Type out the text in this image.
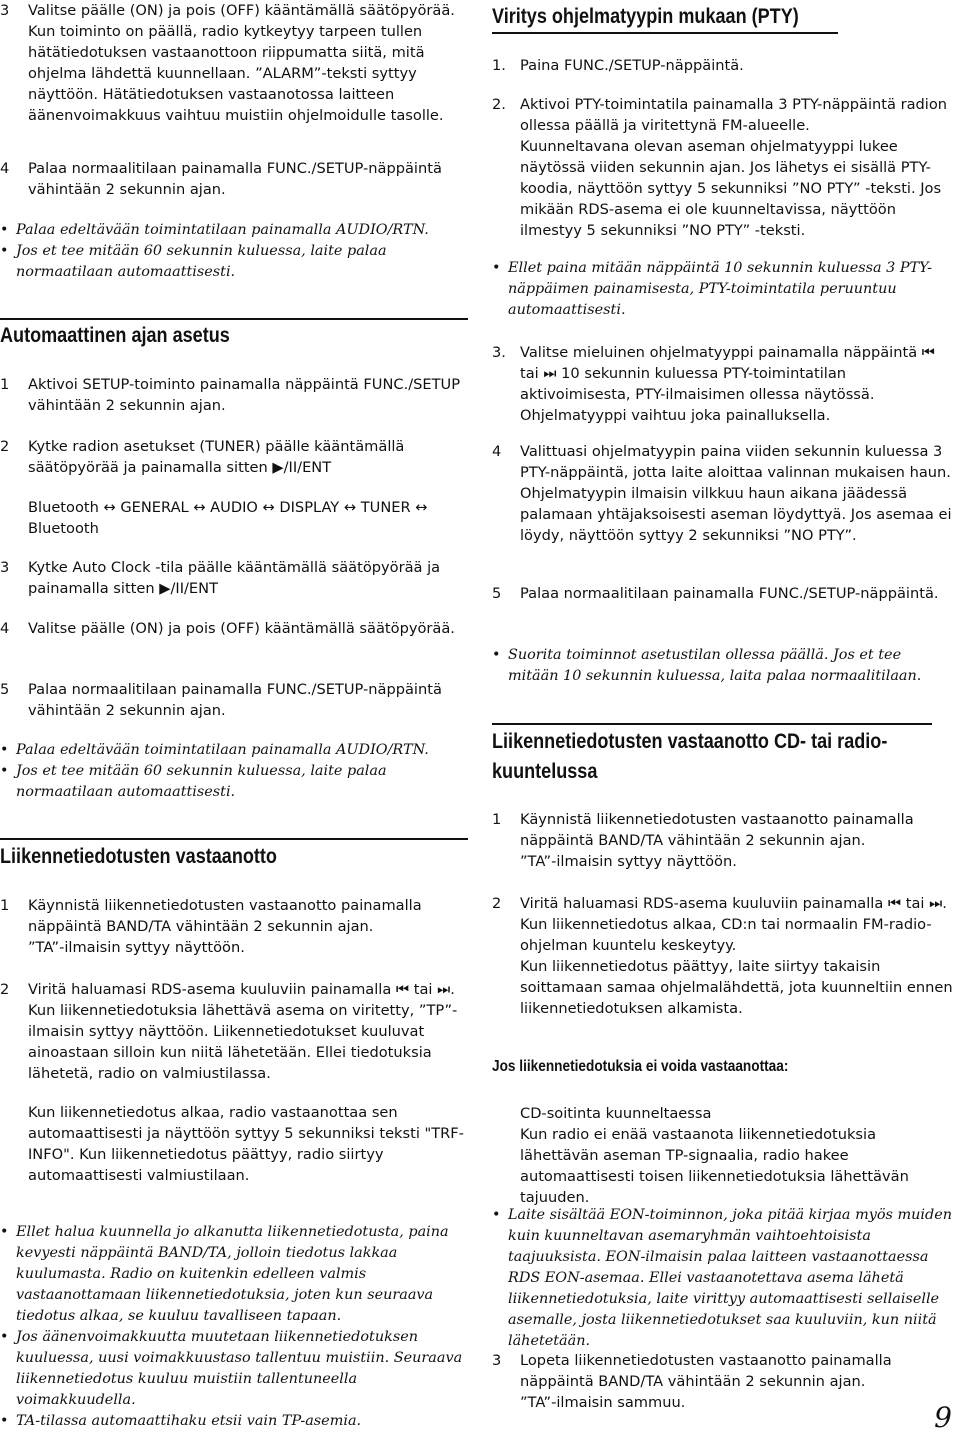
3	Valitse päälle (ON) ja pois (OFF) kääntämällä säätöpyörää.
Kun toiminto on päällä, radio kytkeytyy tarpeen tullen hätätiedotuksen vastaanottoon riippumatta siitä, mitä ohjelma lähdettä kuunnellaan. ”ALARM”-teksti syttyy näyttöön. Hätätiedotuksen vastaanotossa laitteen äänenvoimakkuus vaihtuu muistiin ohjelmoidulle tasolle.
4	Palaa normaalitilaan painamalla FUNC./SETUP-näppäintä vähintään 2 sekunnin ajan.
• Palaa edeltävään toimintatilaan painamalla AUDIO/RTN.
• Jos et tee mitään 60 sekunnin kuluessa, laite palaa normaatilaan automaattisesti.
Automaattinen ajan asetus
1	Aktivoi SETUP-toiminto painamalla näppäintä FUNC./SETUP vähintään 2 sekunnin ajan.
2	Kytke radion asetukset (TUNER) päälle kääntämällä säätöpyörää ja painamalla sitten ▶/II/ENT
Bluetooth ↔ GENERAL ↔ AUDIO ↔ DISPLAY ↔ TUNER ↔ Bluetooth
3	Kytke Auto Clock -tila päälle kääntämällä säätöpyörää ja painamalla sitten ▶/II/ENT
4	Valitse päälle (ON) ja pois (OFF) kääntämällä säätöpyörää.
5	Palaa normaalitilaan painamalla FUNC./SETUP-näppäintä vähintään 2 sekunnin ajan.
• Palaa edeltävään toimintatilaan painamalla AUDIO/RTN.
• Jos et tee mitään 60 sekunnin kuluessa, laite palaa normaatilaan automaattisesti.
Liikennetiedotusten vastaanotto
1	Käynnistä liikennetiedotusten vastaanotto painamalla näppäintä BAND/TA vähintään 2 sekunnin ajan.
”TA”-ilmaisin syttyy näyttöön.
2	Viritä haluamasi RDS-asema kuuluviin painamalla ⏮ tai ⏭.
Kun liikennetiedotuksia lähettävä asema on viritetty, ”TP”-ilmaisin syttyy näyttöön. Liikennetiedotukset kuuluvat ainoastaan silloin kun niitä lähetetään. Ellei tiedotuksia lähetetä, radio on valmiustilassa.
Kun liikennetiedotus alkaa, radio vastaanottaa sen automaattisesti ja näyttöön syttyy 5 sekunniksi teksti "TRF-INFO". Kun liikennetiedotus päättyy, radio siirtyy automaattisesti valmiustilaan.
• Ellet halua kuunnella jo alkanutta liikennetiedotusta, paina kevyesti näppäintä BAND/TA, jolloin tiedotus lakkaa kuulumasta. Radio on kuitenkin edelleen valmis vastaanottamaan liikennetiedotuksia, joten kun seuraava tiedotus alkaa, se kuuluu tavalliseen tapaan.
• Jos äänenvoimakkuutta muutetaan liikennetiedotuksen kuuluessa, uusi voimakkuustaso tallentuu muistiin. Seuraava liikennetiedotus kuuluu muistiin tallentuneella voimakkuudella.
• TA-tilassa automaattihaku etsii vain TP-asemia.
Viritys ohjelmatyypin mukaan (PTY)
1. Paina FUNC./SETUP-näppäintä.
2. Aktivoi PTY-toimintatila painamalla 3 PTY-näppäintä radion ollessa päällä ja viritettynä FM-alueelle.
Kuunneltavana olevan aseman ohjelmatyyppi lukee näytössä viiden sekunnin ajan. Jos lähetys ei sisällä PTY-koodia, näyttöön syttyy 5 sekunniksi ”NO PTY” -teksti. Jos mikään RDS-asema ei ole kuunneltavissa, näyttöön ilmestyy 5 sekunniksi ”NO PTY” -teksti.
• Ellet paina mitään näppäintä 10 sekunnin kuluessa 3 PTY-näppäimen painamisesta, PTY-toimintatila peruuntuu automaattisesti.
3. Valitse mieluinen ohjelmatyyppi painamalla näppäintä ⏮ tai ⏭ 10 sekunnin kuluessa PTY-toimintatilan aktivoimisesta, PTY-ilmaisimen ollessa näytössä.
Ohjelmatyyppi vaihtuu joka painalluksella.
4	Valittuasi ohjelmatyypin paina viiden sekunnin kuluessa 3 PTY-näppäintä, jotta laite aloittaa valinnan mukaisen haun.
Ohjelmatyypin ilmaisin vilkkuu haun aikana jäädessä palamaan yhtäjaksoisesti aseman löydyttyä. Jos asemaa ei löydy, näyttöön syttyy 2 sekunniksi ”NO PTY”.
5	Palaa normaalitilaan painamalla FUNC./SETUP-näppäintä.
• Suorita toiminnot asetustilan ollessa päällä. Jos et tee mitään 10 sekunnin kuluessa, laita palaa normaalitilaan.
Liikennetiedotusten vastaanotto CD- tai radio-
kuuntelussa
1	Käynnistä liikennetiedotusten vastaanotto painamalla näppäintä BAND/TA vähintään 2 sekunnin ajan.
”TA”-ilmaisin syttyy näyttöön.
2	Viritä haluamasi RDS-asema kuuluviin painamalla ⏮ tai ⏭.
Kun liikennetiedotus alkaa, CD:n tai normaalin FM-radio-ohjelman kuuntelu keskeytyy.
Kun liikennetiedotus päättyy, laite siirtyy takaisin soittamaan samaa ohjelmalähdettä, jota kuunneltiin ennen liikennetiedotuksen alkamista.
Jos liikennetiedotuksia ei voida vastaanottaa:
CD-soitinta kuunneltaessa
Kun radio ei enää vastaanota liikennetiedotuksia lähettävän aseman TP-signaalia, radio hakee automaattisesti toisen liikennetiedotuksia lähettävän tajuuden.
• Laite sisältää EON-toiminnon, joka pitää kirjaa myös muiden kuin kuunneltavan asemaryhmän vaihtoehtoisista taajuuksista. EON-ilmaisin palaa laitteen vastaanottaessa RDS EON-asemaa. Ellei vastaanotettava asema lähetä liikennetiedotuksia, laite virittyy automaattisesti sellaiselle asemalle, josta liikennetiedotukset saa kuuluviin, kun niitä lähetetään.
3	Lopeta liikennetiedotusten vastaanotto painamalla näppäintä BAND/TA vähintään 2 sekunnin ajan.
”TA”-ilmaisin sammuu.	9
